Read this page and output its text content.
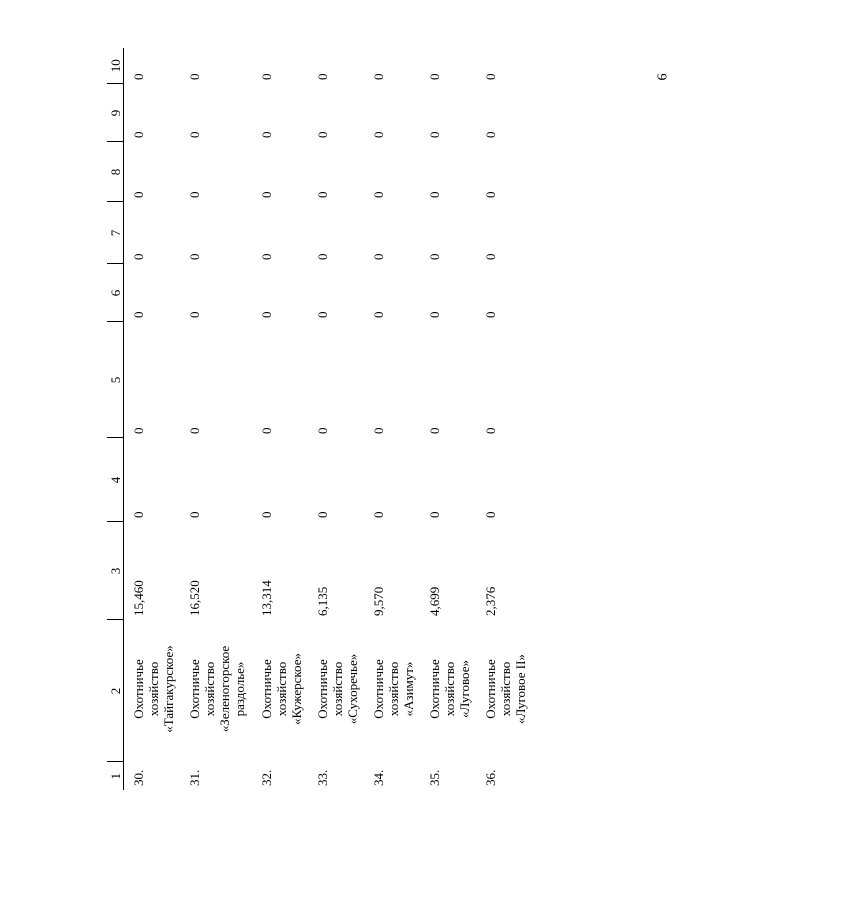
6
1	2	3	4	5	6	7	8	9	10
30.	Охотничье хозяйство «Тайгакурское»	15,460	0	0	0	0	0	0	0
31.	Охотничье хозяйство «Зеленогорское раздолье»	16,520	0	0	0	0	0	0	0
32.	Охотничье хозяйство «Кужерское»	13,314	0	0	0	0	0	0	0
33.	Охотничье хозяйство «Сухоречье»	6,135	0	0	0	0	0	0	0
34.	Охотничье хозяйство «Азимут»	9,570	0	0	0	0	0	0	0
35.	Охотничье хозяйство «Луговое»	4,699	0	0	0	0	0	0	0
36.	Охотничье хозяйство «Луговое II»	2,376	0	0	0	0	0	0	0
